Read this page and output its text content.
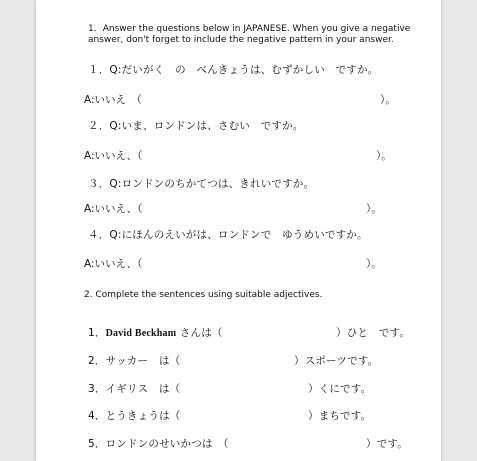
1．Answer the questions below in JAPANESE. When you give a negative
answer, don't forget to include the negative pattern in your answer.
１．Q:だいがく　の　べんきょうは、むずかしい　ですか。
A:いいえ　（	）。
２．Q:いま、ロンドンは、さむい　ですか。
A:いいえ、（	）。
３．Q:ロンドンのちかてつは、きれいですか。
A:いいえ、（	）。
４．Q:にほんのえいがは、ロンドンで　ゆうめいですか。
A:いいえ、（	）。
2. Complete the sentences using suitable adjectives.
1．David Beckham さんは（	）ひと　です。
2．サッカー　は（	）スポーツです。
3．イギリス　は（	）くにです。
4．とうきょうは（	）まちです。
5．ロンドンのせいかつは　（	）です。
